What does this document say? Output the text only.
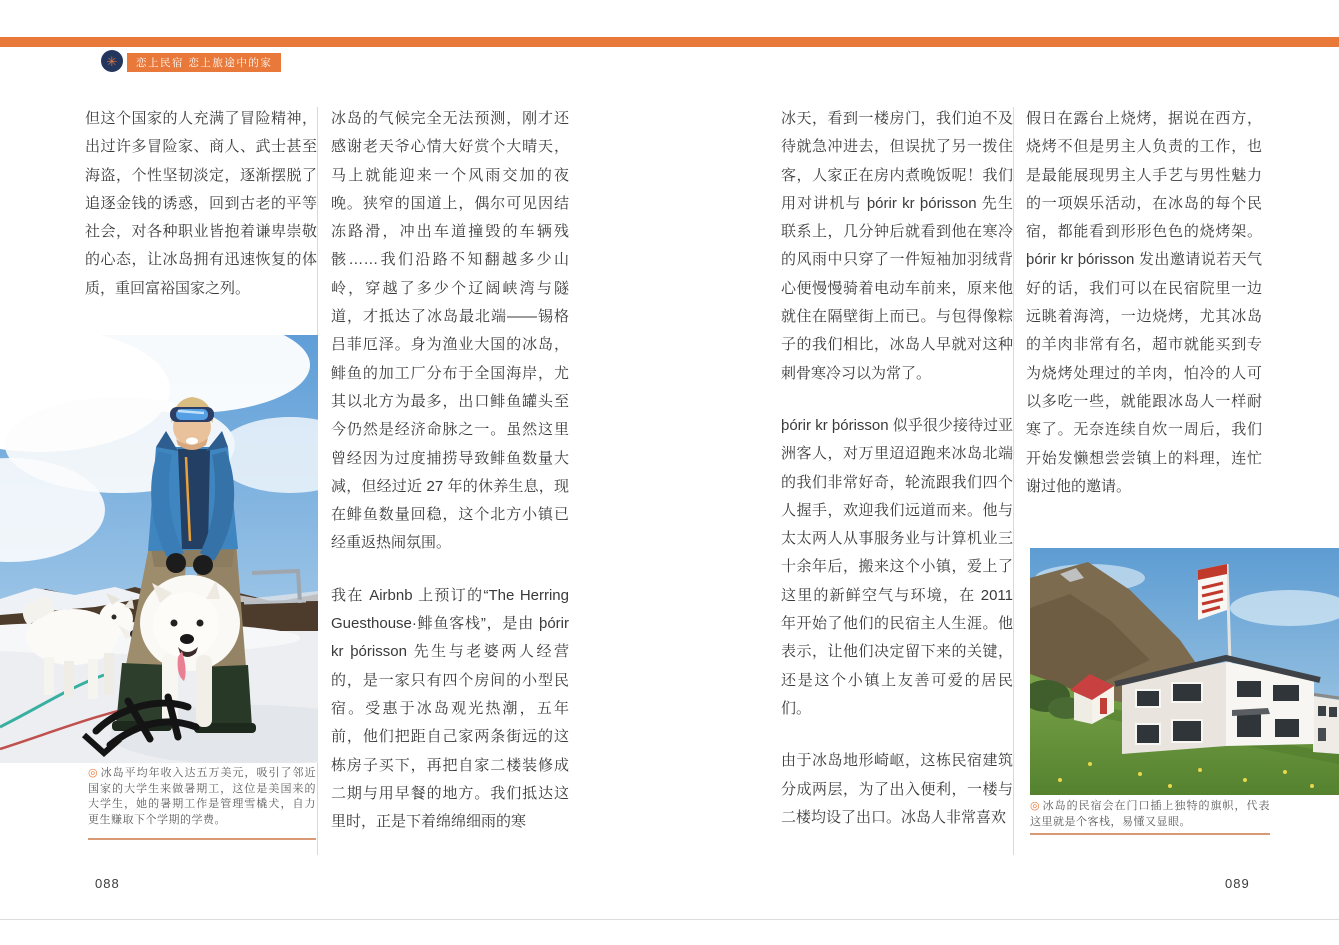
✳	恋上民宿 恋上旅途中的家

但这个国家的人充满了冒险精神，出过许多冒险家、商人、武士甚至海盗，个性坚韧淡定，逐渐摆脱了追逐金钱的诱惑，回到古老的平等社会，对各种职业皆抱着谦卑崇敬的心态，让冰岛拥有迅速恢复的体质，重回富裕国家之列。

冰岛的气候完全无法预测，刚才还感谢老天爷心情大好赏个大晴天，马上就能迎来一个风雨交加的夜晚。狭窄的国道上，偶尔可见因结冻路滑，冲出车道撞毁的车辆残骸……我们沿路不知翻越多少山岭，穿越了多少个辽阔峡湾与隧道，才抵达了冰岛最北端——锡格吕菲厄泽。身为渔业大国的冰岛，鲱鱼的加工厂分布于全国海岸，尤其以北方为最多，出口鲱鱼罐头至今仍然是经济命脉之一。虽然这里曾经因为过度捕捞导致鲱鱼数量大减，但经过近 27 年的休养生息，现在鲱鱼数量回稳，这个北方小镇已经重返热闹氛围。

我在 Airbnb 上预订的“The Herring Guesthouse·鲱鱼客栈”，是由 þórir kr þórisson 先生与老婆两人经营的，是一家只有四个房间的小型民宿。受惠于冰岛观光热潮，五年前，他们把距自己家两条街远的这栋房子买下，再把自家二楼装修成二期与用早餐的地方。我们抵达这里时，正是下着绵绵细雨的寒

冰天，看到一楼房门，我们迫不及待就急冲进去，但误扰了另一拨住客，人家正在房内煮晚饭呢！我们用对讲机与 þórir kr þórisson 先生联系上，几分钟后就看到他在寒冷的风雨中只穿了一件短袖加羽绒背心便慢慢骑着电动车前来，原来他就住在隔壁街上而已。与包得像粽子的我们相比，冰岛人早就对这种刺骨寒冷习以为常了。

þórir kr þórisson 似乎很少接待过亚洲客人，对万里迢迢跑来冰岛北端的我们非常好奇，轮流跟我们四个人握手，欢迎我们远道而来。他与太太两人从事服务业与计算机业三十余年后，搬来这个小镇，爱上了这里的新鲜空气与环境，在 2011 年开始了他们的民宿主人生涯。他表示，让他们决定留下来的关键，还是这个小镇上友善可爱的居民们。

由于冰岛地形崎岖，这栋民宿建筑分成两层，为了出入便利，一楼与二楼均设了出口。冰岛人非常喜欢

假日在露台上烧烤，据说在西方，烧烤不但是男主人负责的工作，也是最能展现男主人手艺与男性魅力的一项娱乐活动，在冰岛的每个民宿，都能看到形形色色的烧烤架。þórir kr þórisson 发出邀请说若天气好的话，我们可以在民宿院里一边远眺着海湾，一边烧烤，尤其冰岛的羊肉非常有名，超市就能买到专为烧烤处理过的羊肉，怕冷的人可以多吃一些，就能跟冰岛人一样耐寒了。无奈连续自炊一周后，我们开始发懒想尝尝镇上的料理，连忙谢过他的邀请。

◎ 冰岛平均年收入达五万美元，吸引了邻近国家的大学生来做暑期工，这位是美国来的大学生，她的暑期工作是管理雪橇犬，自力更生赚取下个学期的学费。
◎ 冰岛的民宿会在门口插上独特的旗帜，代表这里就是个客栈，易懂又显眼。
088	089
